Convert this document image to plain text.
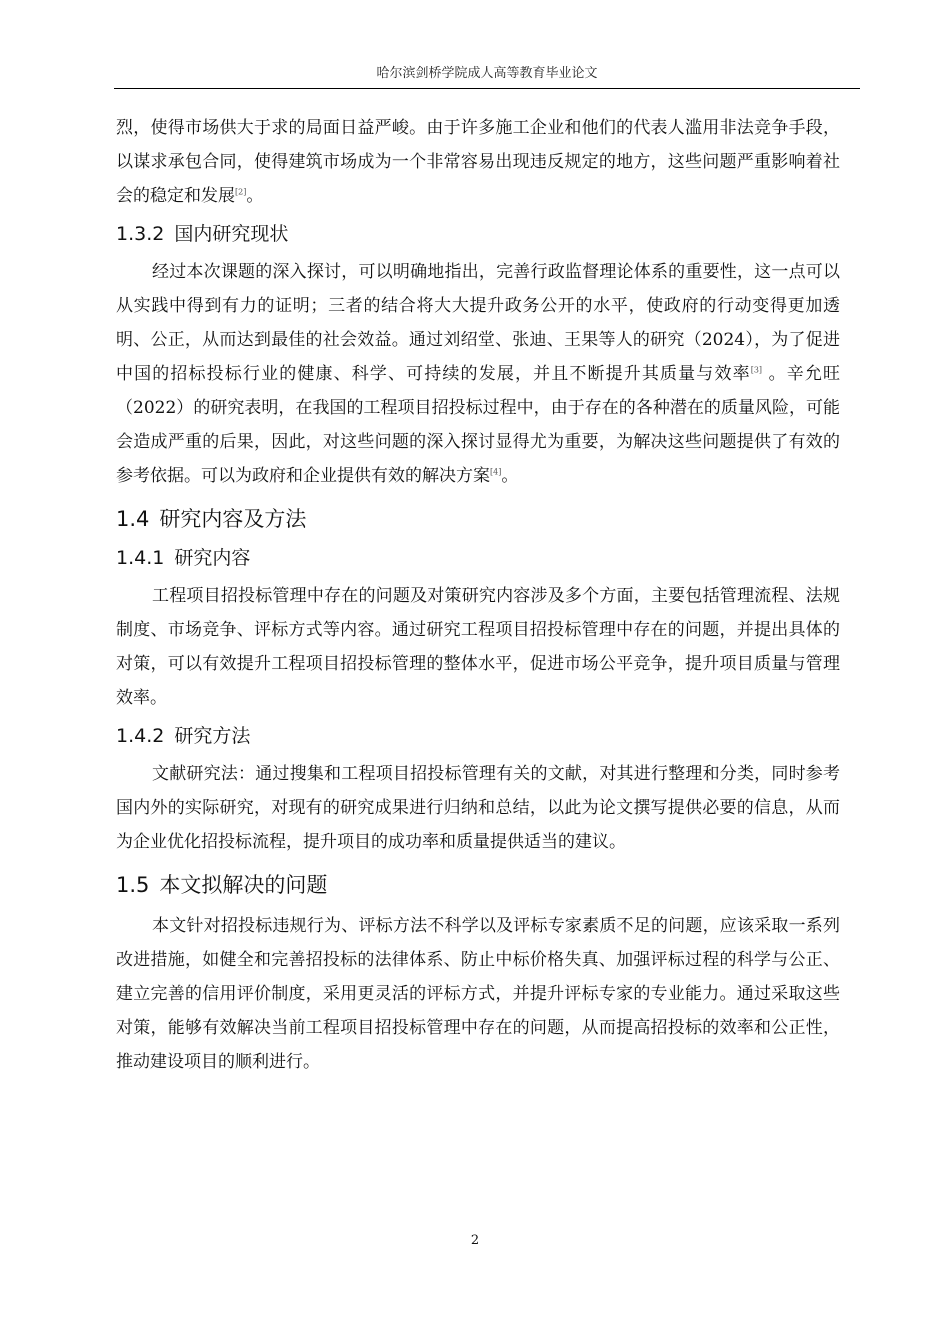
哈尔滨剑桥学院成人高等教育毕业论文

烈，使得市场供大于求的局面日益严峻。由于许多施工企业和他们的代表人滥用非法竞争手段，以谋求承包合同，使得建筑市场成为一个非常容易出现违反规定的地方，这些问题严重影响着社会的稳定和发展[2]。

1.3.2 国内研究现状

经过本次课题的深入探讨，可以明确地指出，完善行政监督理论体系的重要性，这一点可以从实践中得到有力的证明；三者的结合将大大提升政务公开的水平，使政府的行动变得更加透明、公正，从而达到最佳的社会效益。通过刘绍堂、张迪、王果等人的研究（2024），为了促进中国的招标投标行业的健康、科学、可持续的发展，并且不断提升其质量与效率[3] 。辛允旺（2022）的研究表明，在我国的工程项目招投标过程中，由于存在的各种潜在的质量风险，可能会造成严重的后果，因此，对这些问题的深入探讨显得尤为重要，为解决这些问题提供了有效的参考依据。可以为政府和企业提供有效的解决方案[4]。

1.4 研究内容及方法
1.4.1 研究内容

工程项目招投标管理中存在的问题及对策研究内容涉及多个方面，主要包括管理流程、法规制度、市场竞争、评标方式等内容。通过研究工程项目招投标管理中存在的问题，并提出具体的对策，可以有效提升工程项目招投标管理的整体水平，促进市场公平竞争，提升项目质量与管理效率。

1.4.2 研究方法

文献研究法：通过搜集和工程项目招投标管理有关的文献，对其进行整理和分类，同时参考国内外的实际研究，对现有的研究成果进行归纳和总结，以此为论文撰写提供必要的信息，从而为企业优化招投标流程，提升项目的成功率和质量提供适当的建议。

1.5 本文拟解决的问题

本文针对招投标违规行为、评标方法不科学以及评标专家素质不足的问题，应该采取一系列改进措施，如健全和完善招投标的法律体系、防止中标价格失真、加强评标过程的科学与公正、建立完善的信用评价制度，采用更灵活的评标方式，并提升评标专家的专业能力。通过采取这些对策，能够有效解决当前工程项目招投标管理中存在的问题，从而提高招投标的效率和公正性，推动建设项目的顺利进行。

2
